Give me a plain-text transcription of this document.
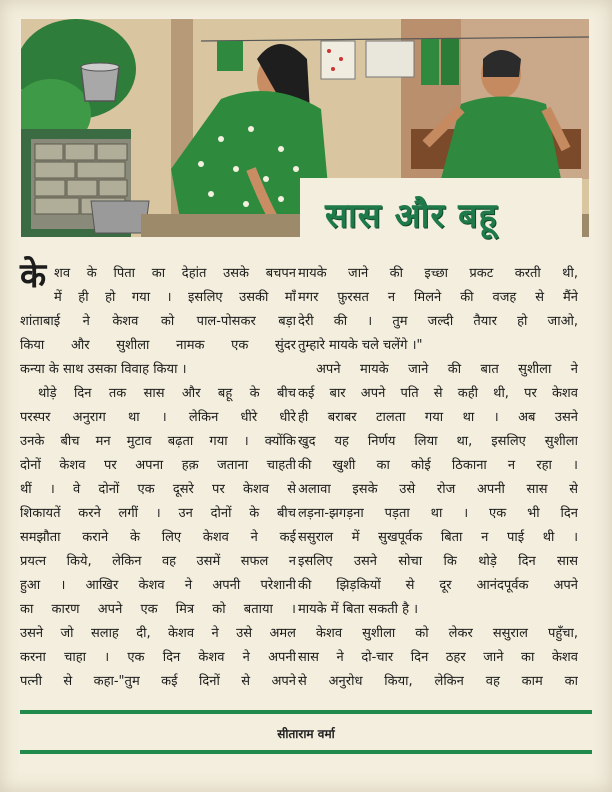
सास और बहू
के शव के पिता का देहांत उसके बचपन
में ही हो गया । इसलिए उसकी माँ
शांताबाई ने केशव को पाल-पोसकर बड़ा
किया और सुशीला नामक एक सुंदर
कन्या के साथ उसका विवाह किया ।
थोड़े दिन तक सास और बहू के बीच
परस्पर अनुराग था । लेकिन धीरे धीरे
उनके बीच मन मुटाव बढ़ता गया । क्योंकि
दोनों केशव पर अपना हक़ जताना चाहती
थीं । वे दोनों एक दूसरे पर केशव से
शिकायतें करने लगीं । उन दोनों के बीच
समझौता कराने के लिए केशव ने कई
प्रयत्न किये, लेकिन वह उसमें सफल न
हुआ । आखिर केशव ने अपनी परेशानी
का कारण अपने एक मित्र को बताया ।
उसने जो सलाह दी, केशव ने उसे अमल
करना चाहा । एक दिन केशव ने अपनी
पत्नी से कहा-"तुम कई दिनों से अपने
मायके जाने की इच्छा प्रकट करती थी,
मगर फ़ुरसत न मिलने की वजह से मैंने
देरी की । तुम जल्दी तैयार हो जाओ,
तुम्हारे मायके चले चलेंगे ।"
अपने मायके जाने की बात सुशीला ने
कई बार अपने पति से कही थी, पर केशव
ही बराबर टालता गया था । अब उसने
खुद यह निर्णय लिया था, इसलिए सुशीला
की खुशी का कोई ठिकाना न रहा ।
अलावा इसके उसे रोज अपनी सास से
लड़ना-झगड़ना पड़ता था । एक भी दिन
ससुराल में सुखपूर्वक बिता न पाई थी ।
इसलिए उसने सोचा कि थोड़े दिन सास
की झिड़कियों से दूर आनंदपूर्वक अपने
मायके में बिता सकती है ।
केशव सुशीला को लेकर ससुराल पहुँचा,
सास ने दो-चार दिन ठहर जाने का केशव
से अनुरोध किया, लेकिन वह काम का
सीताराम वर्मा
